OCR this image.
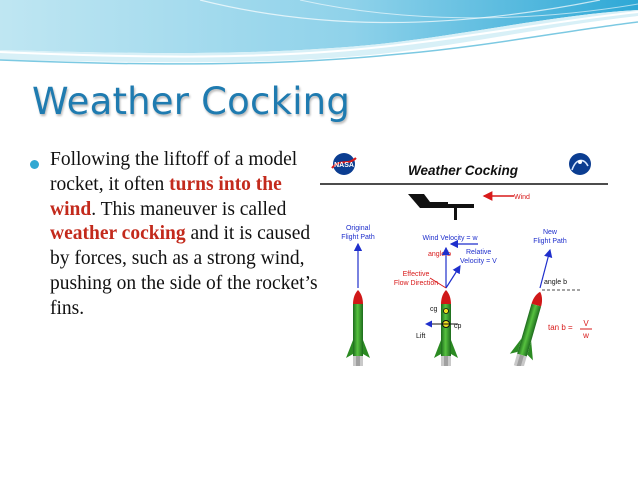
Weather Cocking

Following the liftoff of a model rocket, it often turns into the wind. This maneuver is called weather cocking and it is caused by forces, such as a strong wind, pushing on the side of the rocket’s fins.

NASA	Weather Cocking
Wind
Original
Flight Path	Wind Velocity = w
angle b Relative
Velocity = V
Effective
Flow Direction
cg
cp
Lift
New
Flight Path
angle b
tan b = V
w
